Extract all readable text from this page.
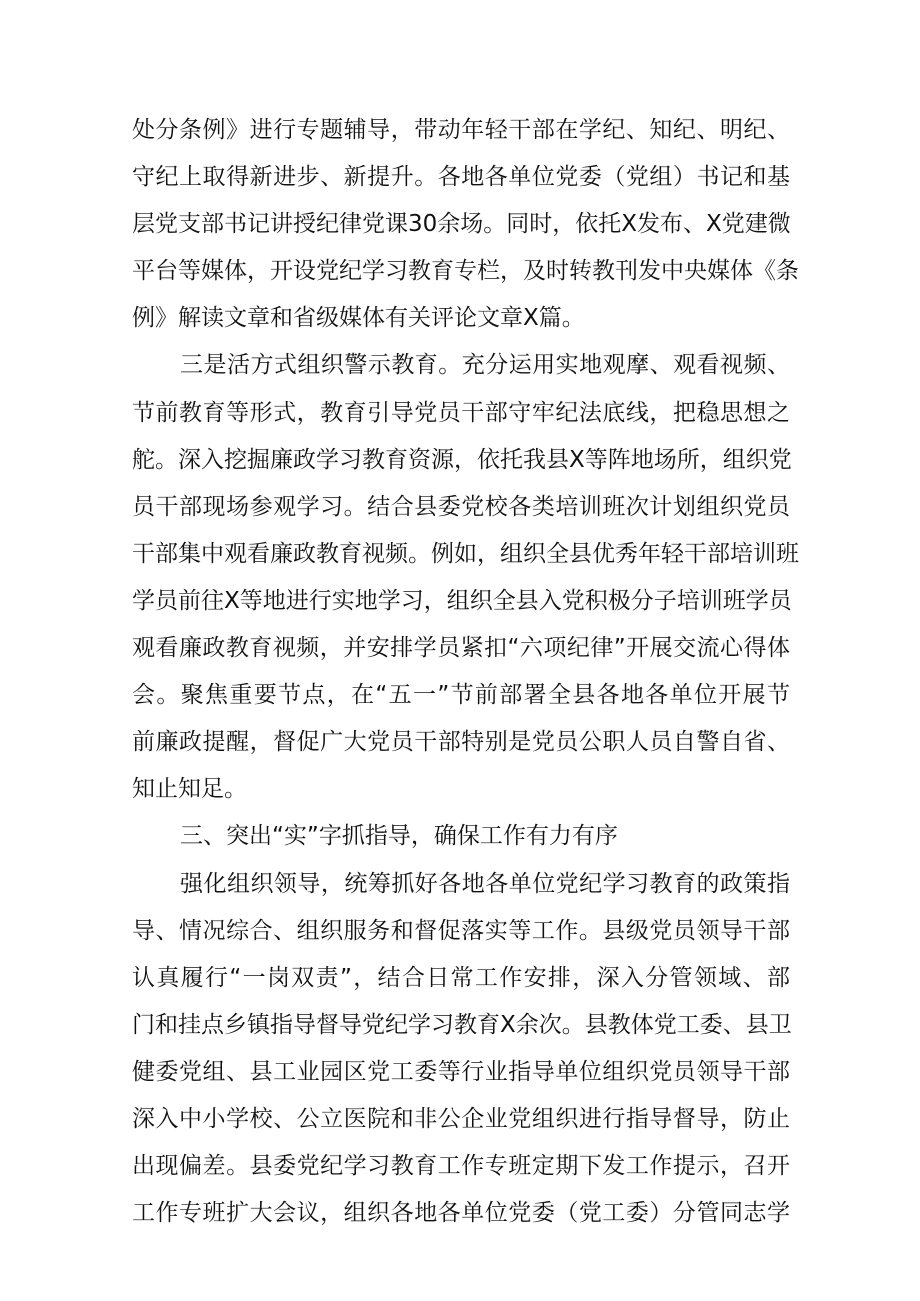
处分条例》进行专题辅导，带动年轻干部在学纪、知纪、明纪、
守纪上取得新进步、新提升。各地各单位党委（党组）书记和基
层党支部书记讲授纪律党课30余场。同时，依托X发布、X党建微
平台等媒体，开设党纪学习教育专栏，及时转教刊发中央媒体《条
例》解读文章和省级媒体有关评论文章X篇。
三是活方式组织警示教育。充分运用实地观摩、观看视频、
节前教育等形式，教育引导党员干部守牢纪法底线，把稳思想之
舵。深入挖掘廉政学习教育资源，依托我县X等阵地场所，组织党
员干部现场参观学习。结合县委党校各类培训班次计划组织党员
干部集中观看廉政教育视频。例如，组织全县优秀年轻干部培训班
学员前往X等地进行实地学习，组织全县入党积极分子培训班学员
观看廉政教育视频，并安排学员紧扣“六项纪律”开展交流心得体
会。聚焦重要节点，在“五一”节前部署全县各地各单位开展节
前廉政提醒，督促广大党员干部特别是党员公职人员自警自省、
知止知足。
三、突出“实”字抓指导，确保工作有力有序
强化组织领导，统筹抓好各地各单位党纪学习教育的政策指
导、情况综合、组织服务和督促落实等工作。县级党员领导干部
认真履行“一岗双责”，结合日常工作安排，深入分管领域、部
门和挂点乡镇指导督导党纪学习教育X余次。县教体党工委、县卫
健委党组、县工业园区党工委等行业指导单位组织党员领导干部
深入中小学校、公立医院和非公企业党组织进行指导督导，防止
出现偏差。县委党纪学习教育工作专班定期下发工作提示，召开
工作专班扩大会议，组织各地各单位党委（党工委）分管同志学
